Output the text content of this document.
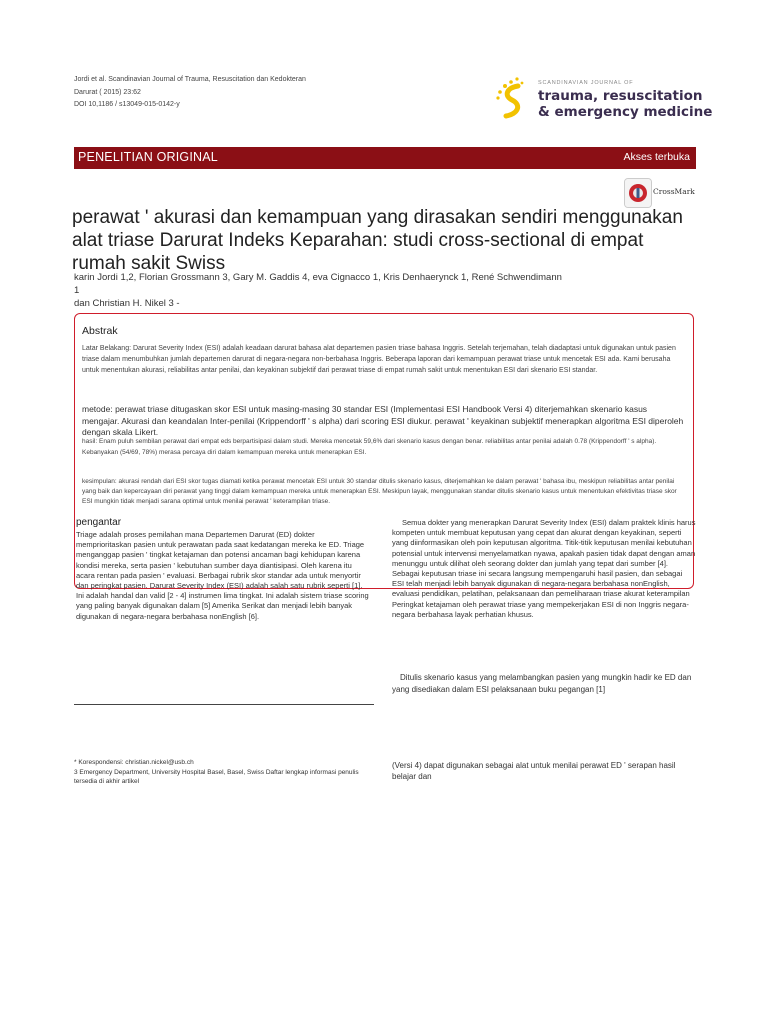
Jordi et al. Scandinavian Journal of Trauma, Resuscitation dan Kedokteran
Darurat ( 2015) 23:62
DOI 10,1186 / s13049-015-0142-y
SCANDINAVIAN JOURNAL OF
trauma, resuscitation
& emergency medicine
PENELITIAN ORIGINAL	Akses terbuka
CrossMark
perawat ' akurasi dan kemampuan yang dirasakan sendiri menggunakan alat triase Darurat Indeks Keparahan: studi cross-sectional di empat rumah sakit Swiss
karin Jordi 1,2, Florian Grossmann 3, Gary M. Gaddis 4, eva Cignacco 1, Kris Denhaerynck 1, René Schwendimann 1
dan Christian H. Nikel 3 -
Abstrak
Latar Belakang: Darurat Severity Index (ESI) adalah keadaan darurat bahasa alat departemen pasien triase bahasa Inggris. Setelah terjemahan, telah diadaptasi untuk digunakan untuk pasien triase dalam menumbuhkan jumlah departemen darurat di negara-negara non-berbahasa Inggris. Beberapa laporan dari kemampuan perawat triase untuk mencetak ESI ada. Kami berusaha untuk menentukan akurasi, reliabilitas antar penilai, dan keyakinan subjektif dari perawat triase di empat rumah sakit untuk menentukan ESI dari skenario ESI standar.
metode: perawat triase ditugaskan skor ESI untuk masing-masing 30 standar ESI (Implementasi ESI Handbook Versi 4) diterjemahkan skenario kasus mengajar. Akurasi dan keandalan Inter-penilai (Krippendorff ' s alpha) dari scoring ESI diukur. perawat ' keyakinan subjektif menerapkan algoritma ESI diperoleh dengan skala Likert.
hasil: Enam puluh sembilan perawat dari empat eds berpartisipasi dalam studi. Mereka mencetak 59,6% dari skenario kasus dengan benar. reliabilitas antar penilai adalah 0.78 (Krippendorff ' s alpha). Kebanyakan (54/69, 78%) merasa percaya diri dalam kemampuan mereka untuk menerapkan ESI.
kesimpulan: akurasi rendah dari ESI skor tugas diamati ketika perawat mencetak ESI untuk 30 standar ditulis skenario kasus, diterjemahkan ke dalam perawat ' bahasa ibu, meskipun reliabilitas antar penilai yang baik dan kepercayaan diri perawat yang tinggi dalam kemampuan mereka untuk menerapkan ESI. Meskipun layak, menggunakan standar ditulis skenario kasus untuk menentukan efektivitas triase skor ESI mungkin tidak menjadi sarana optimal untuk menilai perawat ' keterampilan triase.
pengantar
Triage adalah proses pemilahan mana Departemen Darurat (ED) dokter memprioritaskan pasien untuk perawatan pada saat kedatangan mereka ke ED. Triage menganggap pasien ' tingkat ketajaman dan potensi ancaman bagi kehidupan karena kondisi mereka, serta pasien ' kebutuhan sumber daya diantisipasi. Oleh karena itu acara rentan pada pasien ' evaluasi. Berbagai rubrik skor standar ada untuk menyortir dan peringkat pasien. Darurat Severity Index (ESI) adalah salah satu rubrik seperti [1]. Ini adalah handal dan valid [2 - 4] instrumen lima tingkat. Ini adalah sistem triase scoring yang paling banyak digunakan dalam [5] Amerika Serikat dan menjadi lebih banyak digunakan di negara-negara berbahasa nonEnglish [6].
Semua dokter yang menerapkan Darurat Severity Index (ESI) dalam praktek klinis harus kompeten untuk membuat keputusan yang cepat dan akurat dengan keyakinan, seperti yang diinformasikan oleh poin keputusan algoritma. Titik-titik keputusan menilai kebutuhan potensial untuk intervensi menyelamatkan nyawa, apakah pasien tidak dapat dengan aman menunggu untuk dilihat oleh seorang dokter dan jumlah yang tepat dari sumber [4]. Sebagai keputusan triase ini secara langsung mempengaruhi hasil pasien, dan sebagai ESI telah menjadi lebih banyak digunakan di negara-negara berbahasa nonEnglish, evaluasi pendidikan, pelatihan, pelaksanaan dan pemeliharaan triase akurat keterampilan Peringkat ketajaman oleh perawat triase yang mempekerjakan ESI di non Inggris negara-negara berbahasa layak perhatian khusus.
Ditulis skenario kasus yang melambangkan pasien yang mungkin hadir ke ED dan yang disediakan dalam ESI pelaksanaan buku pegangan [1]
* Korespondensi: christian.nickel@usb.ch
3 Emergency Department, University Hospital Basel, Basel, Swiss Daftar lengkap informasi penulis tersedia di akhir artikel
(Versi 4) dapat digunakan sebagai alat untuk menilai perawat ED ' serapan hasil belajar dan
